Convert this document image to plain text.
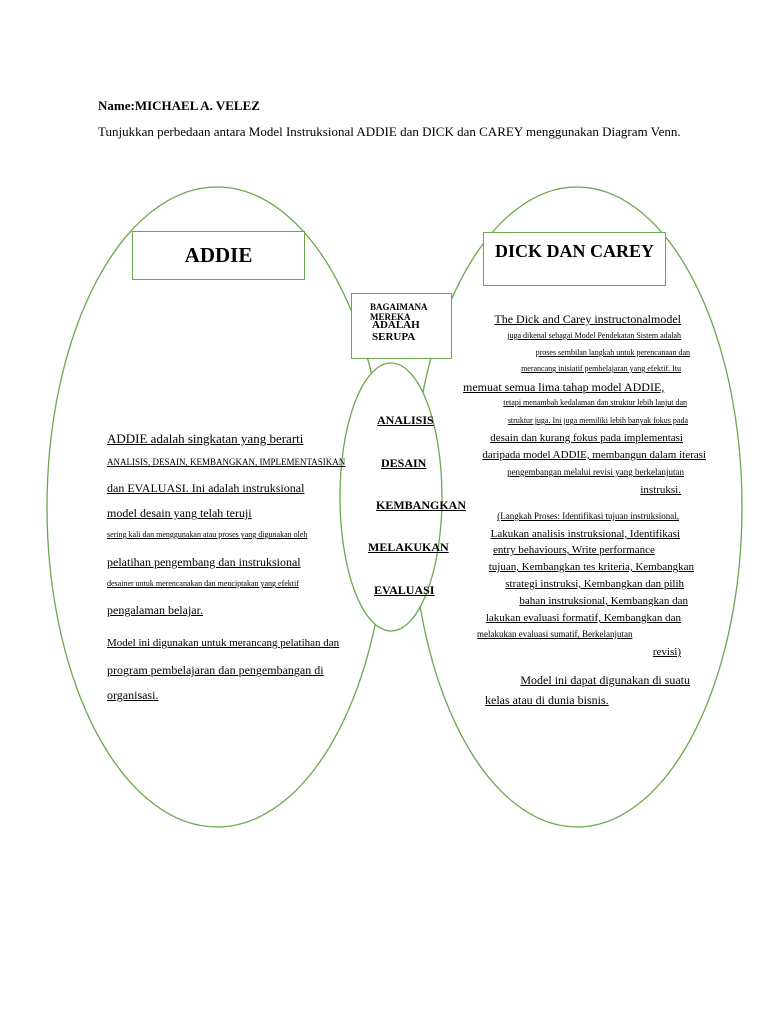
Name:MICHAEL A. VELEZ
Tunjukkan perbedaan antara Model Instruksional ADDIE dan DICK dan CAREY menggunakan Diagram Venn.
ADDIE	DICK DAN CAREY
BAGAIMANA MEREKA
ADALAH SERUPA
ADDIE adalah singkatan yang berarti
ANALISIS, DESAIN, KEMBANGKAN, IMPLEMENTASIKAN
dan EVALUASI. Ini adalah instruksional
model desain yang telah teruji
sering kali dan menggunakan atau proses yang digunakan oleh
pelatihan pengembang dan instruksional
desainer untuk merencanakan dan menciptakan yang efektif
pengalaman belajar.
Model ini digunakan untuk merancang pelatihan dan
program pembelajaran dan pengembangan di
organisasi.
ANALISIS
DESAIN
KEMBANGKAN
MELAKUKAN
EVALUASI
The Dick and Carey instructonalmodel
juga dikenal sebagai Model Pendekatan Sistem adalah
proses sembilan langkah untuk perencanaan dan
merancang inisiatif pembelajaran yang efektif. Itu
memuat semua lima tahap model ADDIE,
tetapi menambah kedalaman dan struktur lebih lanjut dan
struktur juga. Ini juga memiliki lebih banyak fokus pada
desain dan kurang fokus pada implementasi
daripada model ADDIE, membangun dalam iterasi
pengembangan melalui revisi yang berkelanjutan
instruksi.
(Langkah Proses: Identifikasi tujuan instruksional,
Lakukan analisis instruksional, Identifikasi
entry behaviours, Write performance
tujuan, Kembangkan tes kriteria, Kembangkan
strategi instruksi, Kembangkan dan pilih
bahan instruksional, Kembangkan dan
lakukan evaluasi formatif, Kembangkan dan
melakukan evaluasi sumatif, Berkelanjutan
revisi)
Model ini dapat digunakan di suatu
kelas atau di dunia bisnis.
